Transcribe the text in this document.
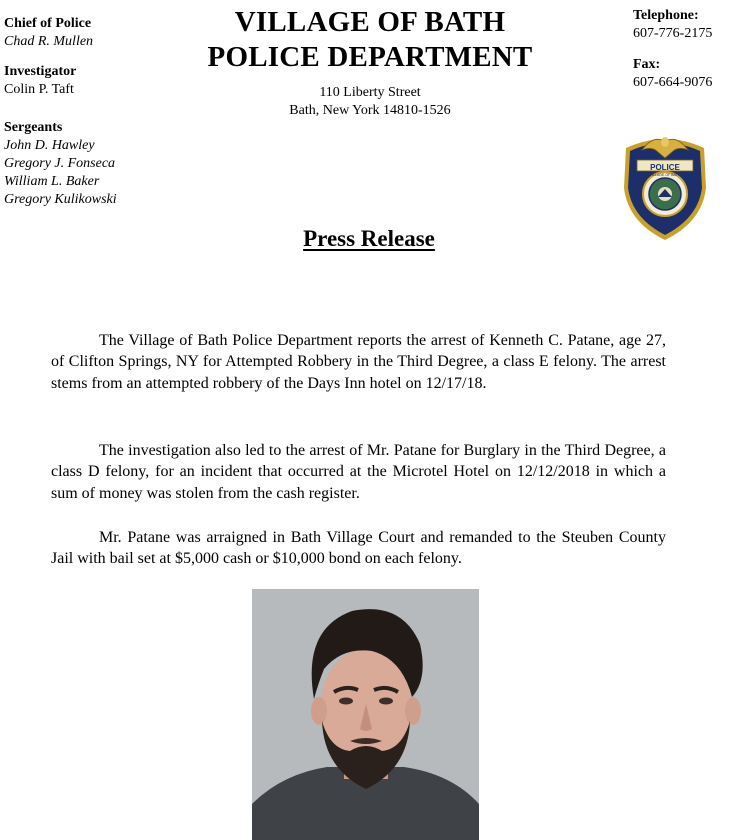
Chief of Police
Chad R. Mullen
Investigator
Colin P. Taft
Sergeants
John D. Hawley
Gregory J. Fonseca
William L. Baker
Gregory Kulikowski
VILLAGE OF BATH
POLICE DEPARTMENT
110 Liberty Street
Bath, New York 14810-1526
Telephone:
607-776-2175
Fax:
607-664-9076
POLICE
VILLAGE OF BATH
Press Release
The Village of Bath Police Department reports the arrest of Kenneth C. Patane, age 27, of Clifton Springs, NY for Attempted Robbery in the Third Degree, a class E felony. The arrest stems from an attempted robbery of the Days Inn hotel on 12/17/18.
The investigation also led to the arrest of Mr. Patane for Burglary in the Third Degree, a class D felony, for an incident that occurred at the Microtel Hotel on 12/12/2018 in which a sum of money was stolen from the cash register.
Mr. Patane was arraigned in Bath Village Court and remanded to the Steuben County Jail with bail set at $5,000 cash or $10,000 bond on each felony.
